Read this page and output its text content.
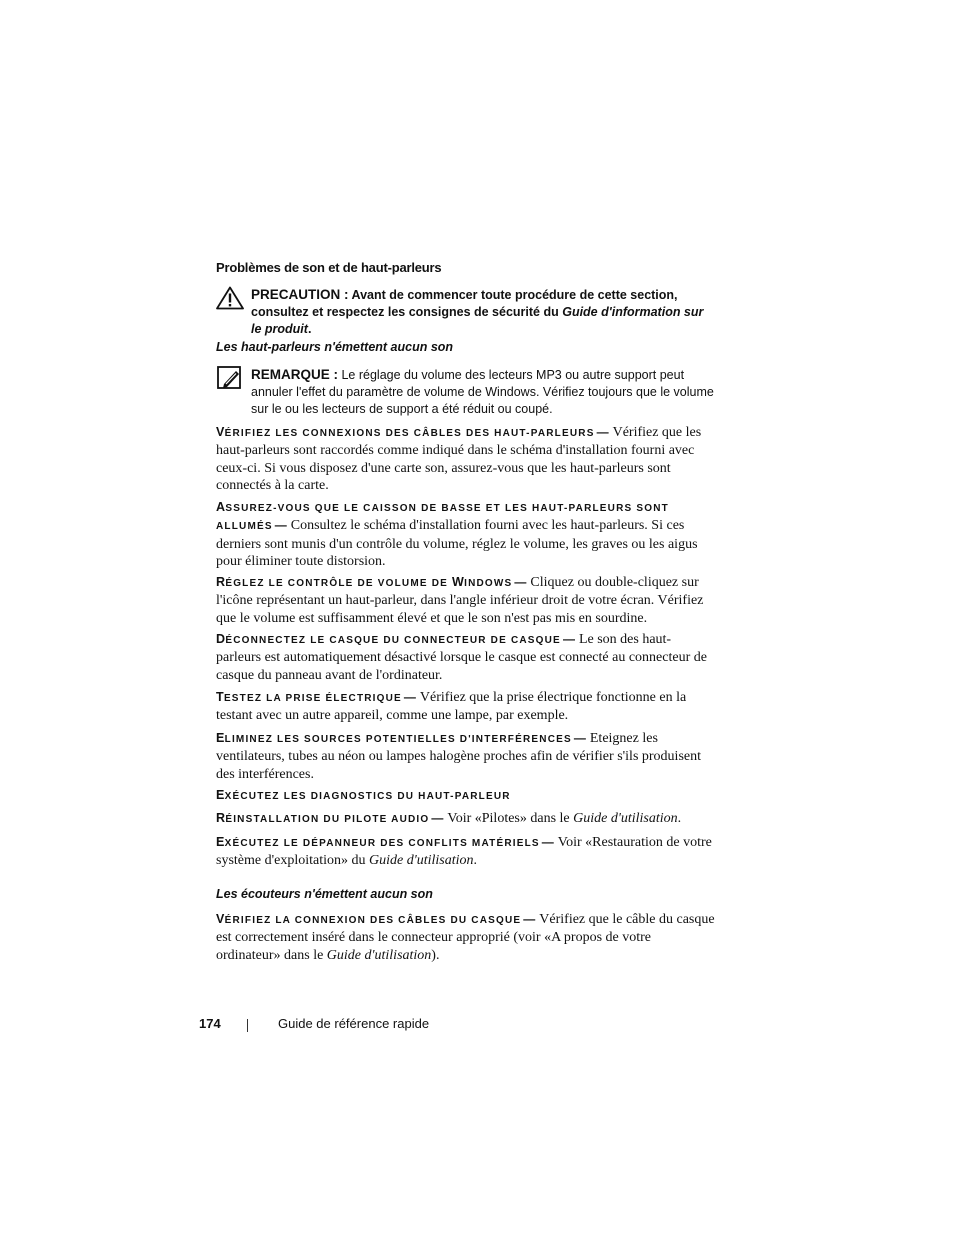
Problèmes de son et de haut-parleurs
PRECAUTION : Avant de commencer toute procédure de cette section, consultez et respectez les consignes de sécurité du Guide d'information sur le produit.
Les haut-parleurs n'émettent aucun son
REMARQUE : Le réglage du volume des lecteurs MP3 ou autre support peut annuler l'effet du paramètre de volume de Windows. Vérifiez toujours que le volume sur le ou les lecteurs de support a été réduit ou coupé.
VÉRIFIEZ LES CONNEXIONS DES CÂBLES DES HAUT-PARLEURS — Vérifiez que les haut-parleurs sont raccordés comme indiqué dans le schéma d'installation fourni avec ceux-ci. Si vous disposez d'une carte son, assurez-vous que les haut-parleurs sont connectés à la carte.
ASSUREZ-VOUS QUE LE CAISSON DE BASSE ET LES HAUT-PARLEURS SONT ALLUMÉS — Consultez le schéma d'installation fourni avec les haut-parleurs. Si ces derniers sont munis d'un contrôle du volume, réglez le volume, les graves ou les aigus pour éliminer toute distorsion.
RÉGLEZ LE CONTRÔLE DE VOLUME DE WINDOWS — Cliquez ou double-cliquez sur l'icône représentant un haut-parleur, dans l'angle inférieur droit de votre écran. Vérifiez que le volume est suffisamment élevé et que le son n'est pas mis en sourdine.
DÉCONNECTEZ LE CASQUE DU CONNECTEUR DE CASQUE — Le son des haut-parleurs est automatiquement désactivé lorsque le casque est connecté au connecteur de casque du panneau avant de l'ordinateur.
TESTEZ LA PRISE ÉLECTRIQUE — Vérifiez que la prise électrique fonctionne en la testant avec un autre appareil, comme une lampe, par exemple.
ELIMINEZ LES SOURCES POTENTIELLES D'INTERFÉRENCES — Eteignez les ventilateurs, tubes au néon ou lampes halogène proches afin de vérifier s'ils produisent des interférences.
EXÉCUTEZ LES DIAGNOSTICS DU HAUT-PARLEUR
RÉINSTALLATION DU PILOTE AUDIO — Voir «Pilotes» dans le Guide d'utilisation.
EXÉCUTEZ LE DÉPANNEUR DES CONFLITS MATÉRIELS — Voir «Restauration de votre système d'exploitation» du Guide d'utilisation.
Les écouteurs n'émettent aucun son
VÉRIFIEZ LA CONNEXION DES CÂBLES DU CASQUE — Vérifiez que le câble du casque est correctement inséré dans le connecteur approprié (voir «A propos de votre ordinateur» dans le Guide d'utilisation).
174	Guide de référence rapide
